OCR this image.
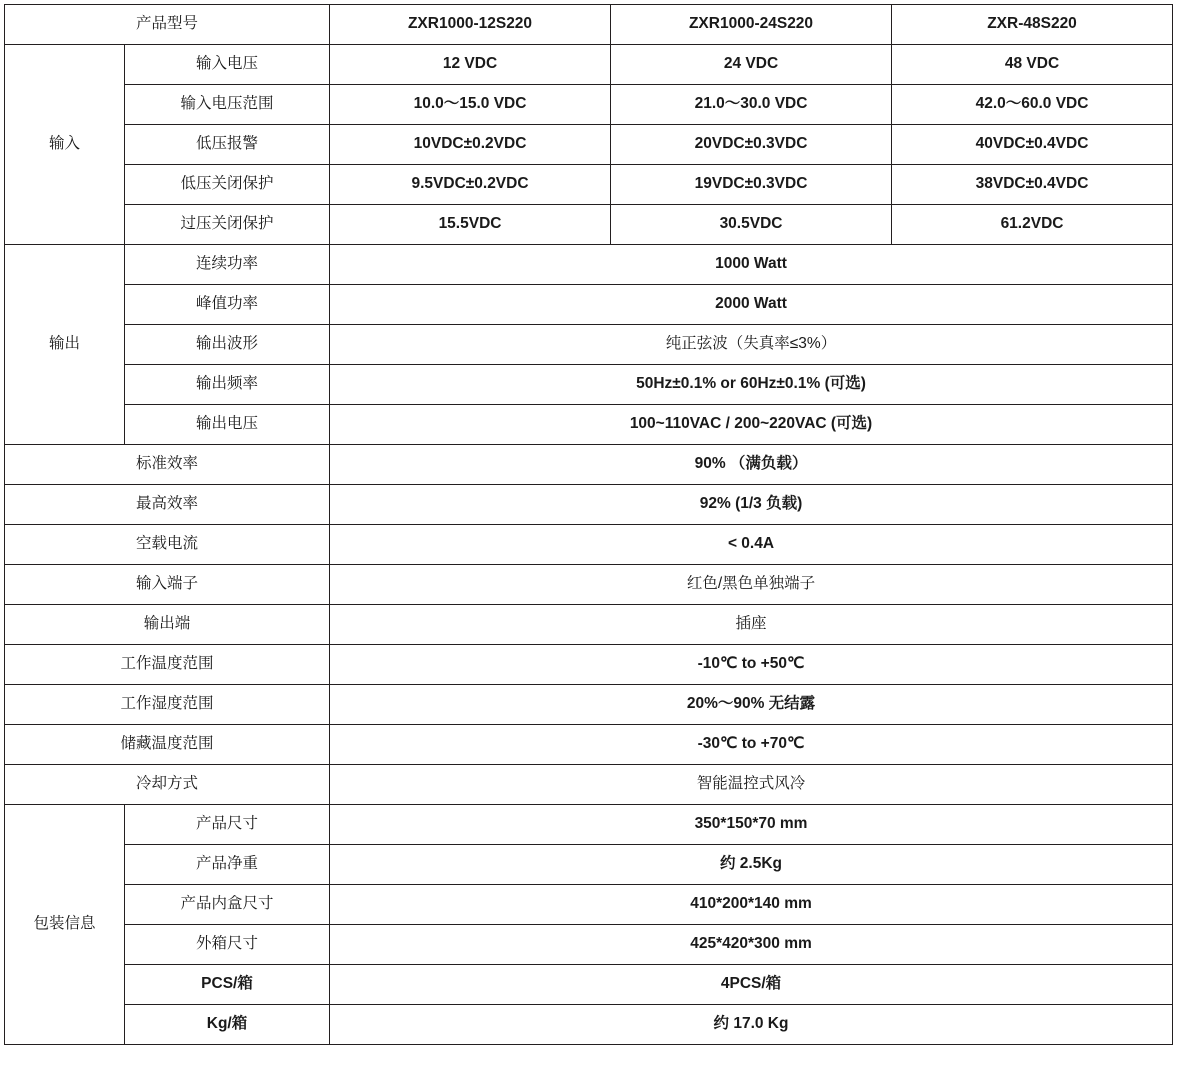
产品型号		ZXR1000-12S220	ZXR1000-24S220	ZXR-48S220
输入	输入电压	12 VDC	24 VDC	48 VDC
	输入电压范围	10.0～15.0 VDC	21.0～30.0 VDC	42.0～60.0 VDC
	低压报警	10VDC±0.2VDC	20VDC±0.3VDC	40VDC±0.4VDC
	低压关闭保护	9.5VDC±0.2VDC	19VDC±0.3VDC	38VDC±0.4VDC
	过压关闭保护	15.5VDC	30.5VDC	61.2VDC
输出	连续功率	1000 Watt		
	峰值功率	2000 Watt		
	输出波形	纯正弦波（失真率≤3%）		
	输出频率	50Hz±0.1% or 60Hz±0.1% (可选)		
	输出电压	100~110VAC / 200~220VAC (可选)		
标准效率		90% （满负载）		
最高效率		92% (1/3 负载)		
空载电流		< 0.4A		
输入端子		红色/黑色单独端子		
输出端		插座		
工作温度范围		-10℃ to +50℃		
工作湿度范围		20%～90% 无结露		
储藏温度范围		-30℃ to +70℃		
冷却方式		智能温控式风冷		
包装信息	产品尺寸	350*150*70 mm		
	产品净重	约 2.5Kg		
	产品内盒尺寸	410*200*140 mm		
	外箱尺寸	425*420*300 mm		
	PCS/箱	4PCS/箱		
	Kg/箱	约 17.0 Kg		
